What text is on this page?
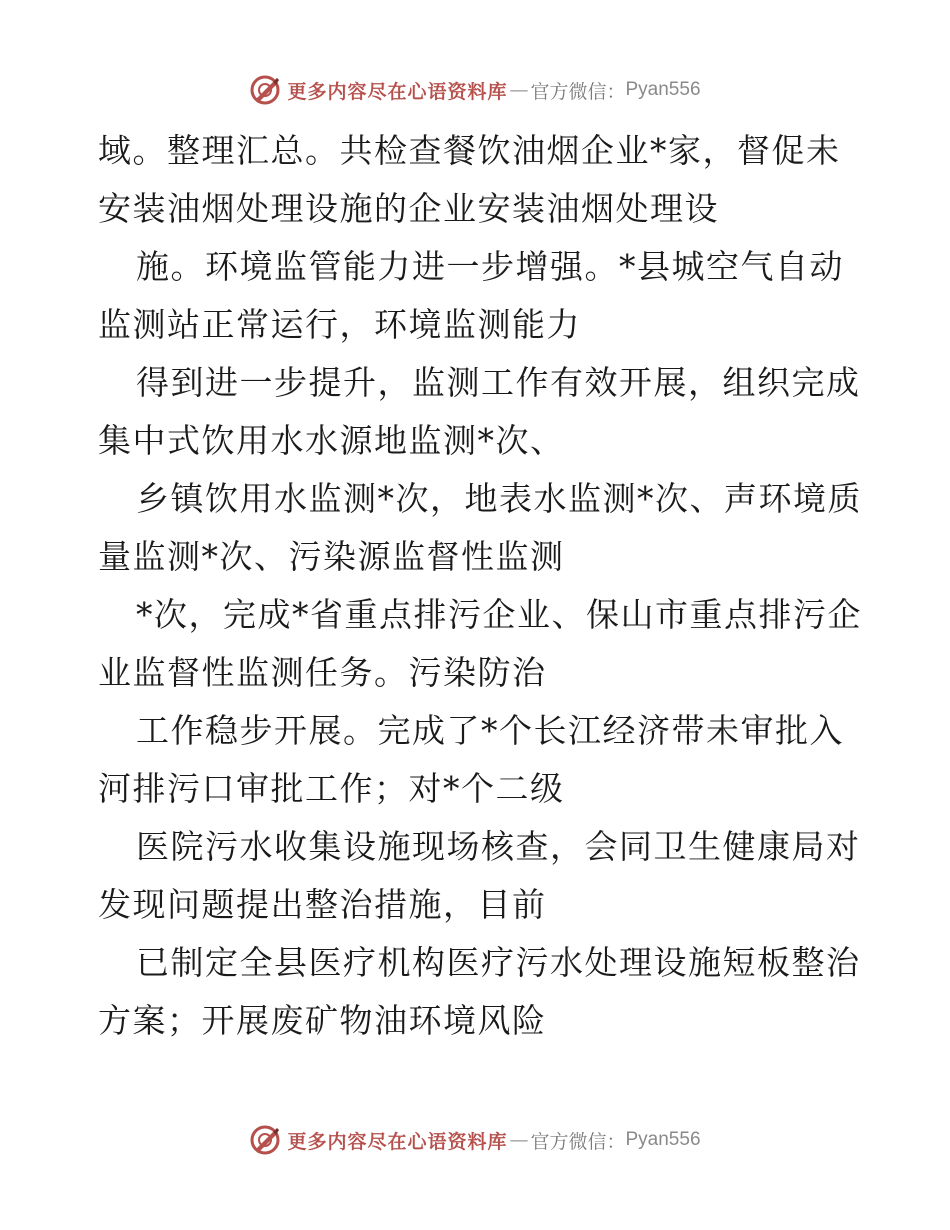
更多内容尽在心语资料库 — 官方微信： Pyan556
域。整理汇总。共检查餐饮油烟企业*家，督促未
安装油烟处理设施的企业安装油烟处理设
施。环境监管能力进一步增强。*县城空气自动
监测站正常运行，环境监测能力
得到进一步提升，监测工作有效开展，组织完成
集中式饮用水水源地监测*次、
乡镇饮用水监测*次，地表水监测*次、声环境质
量监测*次、污染源监督性监测
*次，完成*省重点排污企业、保山市重点排污企
业监督性监测任务。污染防治
工作稳步开展。完成了*个长江经济带未审批入
河排污口审批工作；对*个二级
医院污水收集设施现场核查，会同卫生健康局对
发现问题提出整治措施，目前
已制定全县医疗机构医疗污水处理设施短板整治
方案；开展废矿物油环境风险
更多内容尽在心语资料库 — 官方微信： Pyan556
